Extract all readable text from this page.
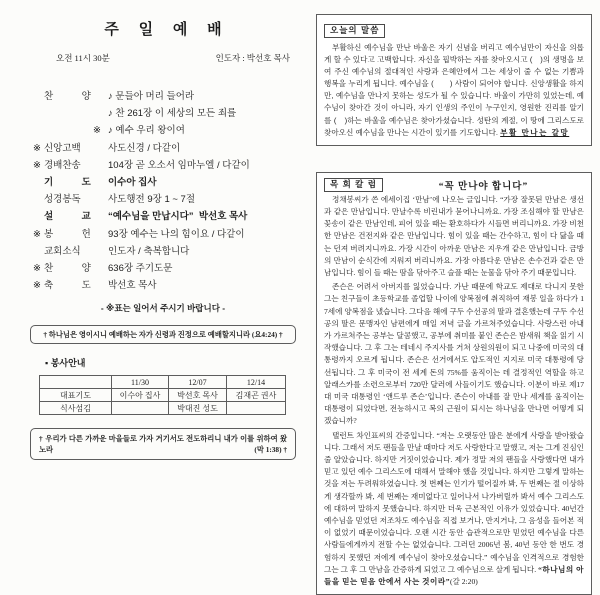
주 일 예 배
오전 11시 30분	인도자 : 박선호 목사
찬　　　양	♪ 문들아 머리 들어라
♪ 찬 261장 이 세상의 모든 죄를
※ ♪ 예수 우리 왕이여
※ 신앙고백	사도신경 / 다같이
※ 경배찬송	104장 곧 오소서 임마누엘 / 다같이
기　　　도	이수아 집사
성경봉독	사도행전 9장 1 ~ 7절
설　　　교	“예수님을 만납시다”  박선호 목사
※ 봉　　　헌	93장 예수는 나의 힘이요 / 다같이
교회소식	인도자 / 축복합니다
※ 찬　　　양	636장 주기도문
※ 축　　　도	박선호 목사
- ※표는 일어서 주시기 바랍니다 -
† 하나님은 영이시니 예배하는 자가 신령과 진정으로 예배할지니라 (요4:24) †
▪ 봉사안내
	11/30	12/07	12/14
대표기도	이수아 집사	박선호 목사	김재곤 권사
식사섬김		박대진 성도	
† 우리가 다른 가까운 마을들로 가자 거기서도 전도하리니 내가 이를 위하여 왔노라	(막 1:38) †
오늘의 말씀
부활하신 예수님을 만난 바울은 자기 신념을 버리고 예수님만이 자신을 의롭게 할 수 있다고 고백합니다. 자신을 핍박하는 자를 찾아오시고 (　)의 생명을 보여 주신 예수님의 절대적인 사랑과 은혜안에서 그는 세상이 줄 수 없는 기쁨과 행복을 누리게 됩니다. 예수님을 (　　) 사람이 되어야 합니다. 신앙생활을 하지만, 예수님을 만나지 못하는 성도가 될 수 있습니다. 바울이 가만히 있었는데, 예수님이 찾아간 것이 아니라, 자기 인생의 주인이 누구인지, 영원한 진리를 알기를 (　)하는 바울을 예수님은 찾아가셨습니다. 성탄의 계절, 이 땅에 그리스도로 찾아오신 예수님을 만나는 시간이 있기를 기도합니다. 부활 만나는 갈망
목 회 칼 럼	“꼭 만나야 합니다”

정채봉씨가 쓴 에세이집 ‘만남’에 나오는 글입니다. “가장 잘못된 만남은 생선과 같은 만남입니다. 만날수록 비린내가 묻어나니까요. 가장 조심해야 할 만남은 꽃송이 같은 만남인데, 피어 있을 때는 환호하다가 시들면 버리니까요. 가장 비천한 만남은 건전지와 같은 만남입니다. 힘이 있을 때는 간수하고, 힘이 다 닳을 때는 던져 버려지니까요. 가장 시간이 아까운 만남은 지우개 같은 만남입니다. 금방의 만남이 순식간에 지워져 버리니까요. 가장 아름다운 만남은 손수건과 같은 만남입니다. 힘이 들 때는 땀을 닦아주고 슬플 때는 눈물을 닦아 주기 때문입니다.

존슨은 어려서 아버지를 잃었습니다. 가난 때문에 학교도 제대로 다니지 못한 그는 친구들이 초등학교를 졸업할 나이에 양복점에 취직하여 재봉 일을 하다가 17세에 양복점을 냈습니다. 그다음 해에 구두 수선공의 딸과 결혼했는데 구두 수선공의 딸은 문맹자인 남편에게 매일 저녁 글을 가르쳐주었습니다. 사랑스런 아내가 가르쳐주는 공부는 달콤했고, 공부에 취미를 붙인 존슨은 밤새워 책을 읽기 시작했습니다. 그 후 그는 테네시 주지사를 거쳐 상원의원이 되고 나중에 미국의 대통령까지 오르게 됩니다. 존슨은 선거에서도 압도적인 지지로 미국 대통령에 당선됩니다. 그 후 미국이 전 세계 돈의 75%를 움직이는 데 결정적인 역할을 하고 알래스카를 소련으로부터 720만 달러에 사들이기도 했습니다. 이분이 바로 제17대 미국 대통령인 ‘앤드루 존슨’입니다. 존슨이 아내를 잘 만나 세계를 움직이는 대통령이 되었다면, 전능하시고 복의 근원이 되시는 하나님을 만나면 어떻게 되겠습니까?

탤런트 차인표씨의 간증입니다. “저는 오랫동안 많은 분에게 사랑을 받아왔습니다. 그래서 저도 팬들을 만날 때마다 저도 사랑한다고 말했고, 저는 그게 진심인 줄 알았습니다. 하지만 거짓이었습니다. 제가 정말 저의 팬들을 사랑했다면 내가 믿고 있던 예수 그리스도에 대해서 말해야 했을 것입니다. 하지만 그렇게 말하는 것을 저는 두려워하였습니다. 첫 번째는 인기가 떨어질까 봐, 두 번째는 절 이상하게 생각할까 봐, 세 번째는 재미없다고 일어나서 나가버릴까 봐서 예수 그리스도에 대하여 말하지 못했습니다. 하지만 더욱 근본적인 이유가 있었습니다. 40년간 예수님을 믿었던 저조차도 예수님을 직접 보거나, 만지거나, 그 음성을 들어본 적이 없었기 때문이었습니다. 오랜 시간 동안 습관적으로만 믿었던 예수님을 다른 사람들에게까지 전할 수는 없었습니다. 그러던 2006년 봄, 40년 동안 한 번도 경험하지 못했던 저에게 예수님이 찾아오셨습니다.” 예수님을 인격적으로 경험한 그는 그 후 그 만남을 간증하게 되었고 그 예수님으로 살게 됩니다. “하나님의 아들을 믿는 믿음 안에서 사는 것이라”(갈 2:20)
